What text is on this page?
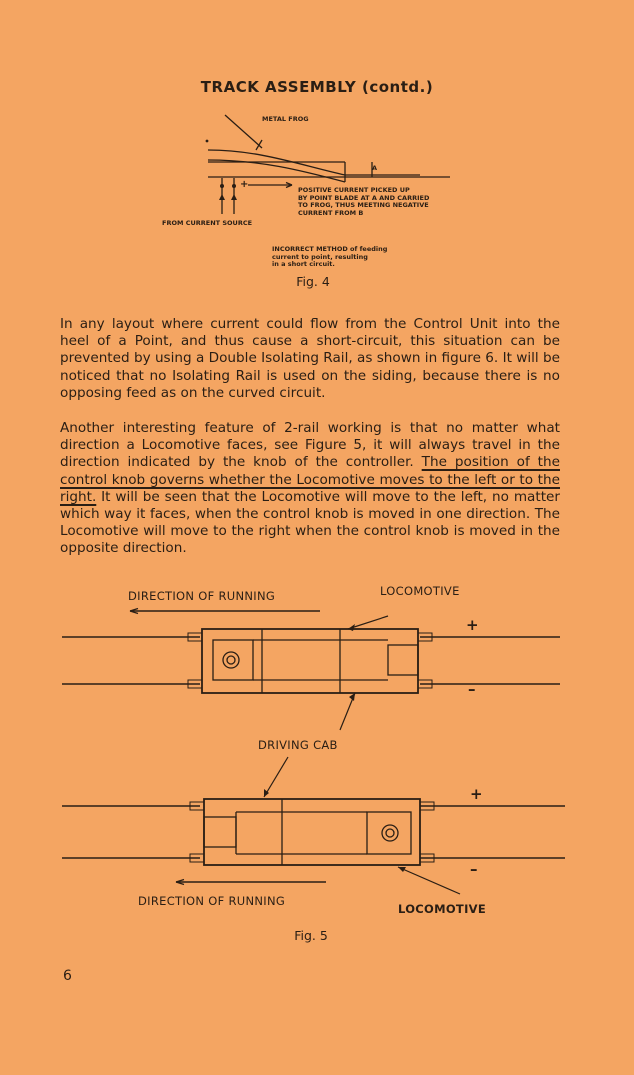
TRACK ASSEMBLY (contd.)
METAL FROG
A
+	POSITIVE CURRENT PICKED UP
BY POINT BLADE AT A AND CARRIED
TO FROG, THUS MEETING NEGATIVE
CURRENT FROM B
FROM CURRENT SOURCE
INCORRECT METHOD of feeding
current to point, resulting
in a short circuit.
Fig. 4
In any layout where current could flow from the Control Unit into the heel of a Point, and thus cause a short-circuit, this situation can be prevented by using a Double Isolating Rail, as shown in figure 6. It will be noticed that no Isolating Rail is used on the siding, because there is no opposing feed as on the curved circuit.
Another interesting feature of 2-rail working is that no matter what direction a Locomotive faces, see Figure 5, it will always travel in the direction indicated by the knob of the controller. The position of the control knob governs whether the Locomotive moves to the left or to the right. It will be seen that the Locomotive will move to the left, no matter which way it faces, when the control knob is moved in one direction. The Locomotive will move to the right when the control knob is moved in the opposite direction.
DIRECTION OF RUNNING	LOCOMOTIVE
+
–
DRIVING CAB
+
–
DIRECTION OF RUNNING
LOCOMOTIVE
Fig. 5
6
